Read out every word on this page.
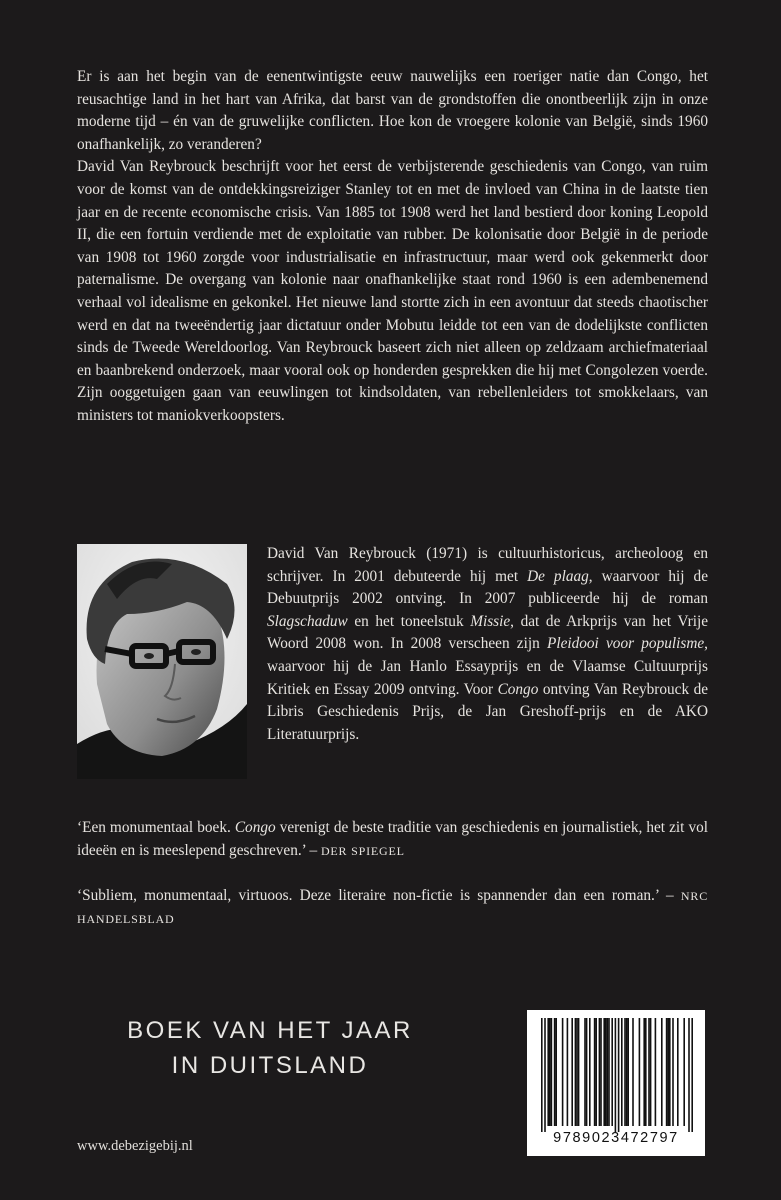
Er is aan het begin van de eenentwintigste eeuw nauwelijks een roeriger natie dan Congo, het reusachtige land in het hart van Afrika, dat barst van de grondstoffen die onontbeerlijk zijn in onze moderne tijd – én van de gruwelijke conflicten. Hoe kon de vroegere kolonie van België, sinds 1960 onafhankelijk, zo veranderen?

David Van Reybrouck beschrijft voor het eerst de verbijsterende geschiedenis van Congo, van ruim voor de komst van de ontdekkingsreiziger Stanley tot en met de invloed van China in de laatste tien jaar en de recente economische crisis. Van 1885 tot 1908 werd het land bestierd door koning Leopold II, die een fortuin verdiende met de exploitatie van rubber. De kolonisatie door België in de periode van 1908 tot 1960 zorgde voor industrialisatie en infrastructuur, maar werd ook gekenmerkt door paternalisme. De overgang van kolonie naar onafhankelijke staat rond 1960 is een adembenemend verhaal vol idealisme en gekonkel. Het nieuwe land stortte zich in een avontuur dat steeds chaotischer werd en dat na tweeëndertig jaar dictatuur onder Mobutu leidde tot een van de dodelijkste conflicten sinds de Tweede Wereldoorlog. Van Reybrouck baseert zich niet alleen op zeldzaam archiefmateriaal en baanbrekend onderzoek, maar vooral ook op honderden gesprekken die hij met Congolezen voerde. Zijn ooggetuigen gaan van eeuwlingen tot kindsoldaten, van rebellenleiders tot smokkelaars, van ministers tot maniokverkoopsters.

David Van Reybrouck (1971) is cultuurhistoricus, archeoloog en schrijver. In 2001 debuteerde hij met De plaag, waarvoor hij de Debuutprijs 2002 ontving. In 2007 publiceerde hij de roman Slagschaduw en het toneelstuk Missie, dat de Arkprijs van het Vrije Woord 2008 won. In 2008 verscheen zijn Pleidooi voor populisme, waarvoor hij de Jan Hanlo Essayprijs en de Vlaamse Cultuurprijs Kritiek en Essay 2009 ontving. Voor Congo ontving Van Reybrouck de Libris Geschiedenis Prijs, de Jan Greshoff-prijs en de AKO Literatuurprijs.

‘Een monumentaal boek. Congo verenigt de beste traditie van geschiedenis en journalistiek, het zit vol ideeën en is meeslepend geschreven.’ – DER SPIEGEL

‘Subliem, monumentaal, virtuoos. Deze literaire non-fictie is spannender dan een roman.’ – NRC HANDELSBLAD

BOEK VAN HET JAAR
IN DUITSLAND
www.debezigebij.nl	9789023472797
